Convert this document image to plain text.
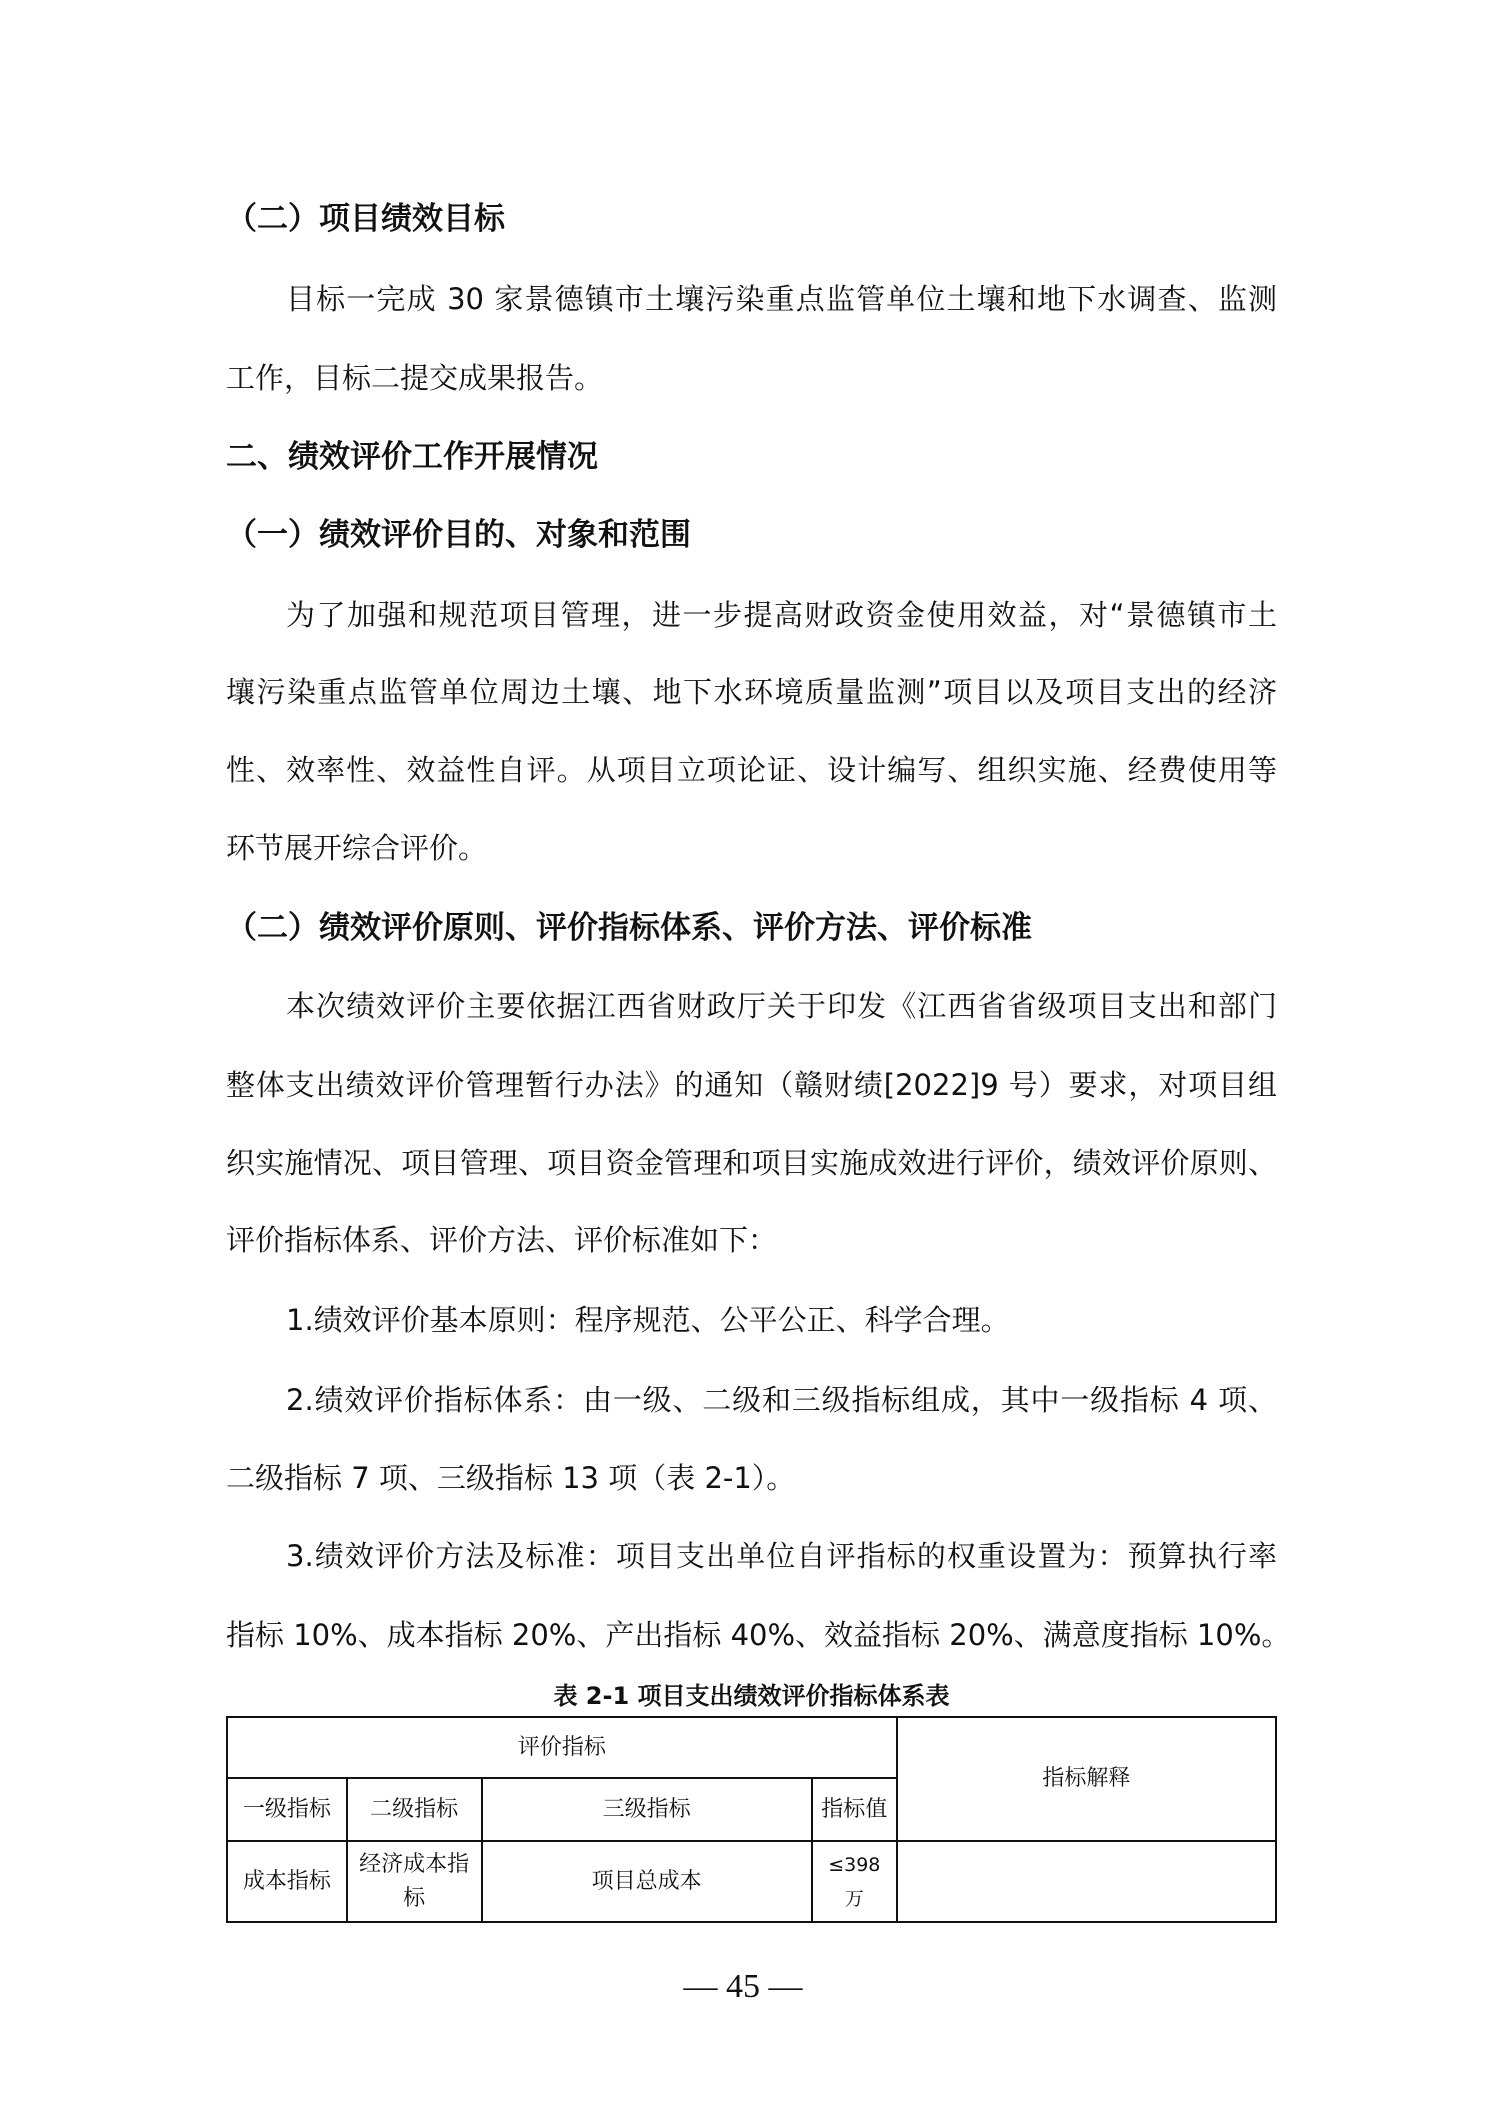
（二）项目绩效目标
目标一完成 30 家景德镇市土壤污染重点监管单位土壤和地下水调查、监测
工作，目标二提交成果报告。
二、绩效评价工作开展情况
（一）绩效评价目的、对象和范围
为了加强和规范项目管理，进一步提高财政资金使用效益，对“景德镇市土
壤污染重点监管单位周边土壤、地下水环境质量监测”项目以及项目支出的经济
性、效率性、效益性自评。从项目立项论证、设计编写、组织实施、经费使用等
环节展开综合评价。
（二）绩效评价原则、评价指标体系、评价方法、评价标准
本次绩效评价主要依据江西省财政厅关于印发《江西省省级项目支出和部门
整体支出绩效评价管理暂行办法》的通知（赣财绩[2022]9 号）要求，对项目组
织实施情况、项目管理、项目资金管理和项目实施成效进行评价，绩效评价原则、
评价指标体系、评价方法、评价标准如下：
1.绩效评价基本原则：程序规范、公平公正、科学合理。
2.绩效评价指标体系：由一级、二级和三级指标组成，其中一级指标 4 项、
二级指标 7 项、三级指标 13 项（表 2-1）。
3.绩效评价方法及标准：项目支出单位自评指标的权重设置为：预算执行率
指标 10%、成本指标 20%、产出指标 40%、效益指标 20%、满意度指标 10%。
表 2-1 项目支出绩效评价指标体系表
评价指标				指标解释
一级指标	二级指标	三级指标	指标值	
成本指标	经济成本指标	项目总成本	≤398 万	
— 45 —
